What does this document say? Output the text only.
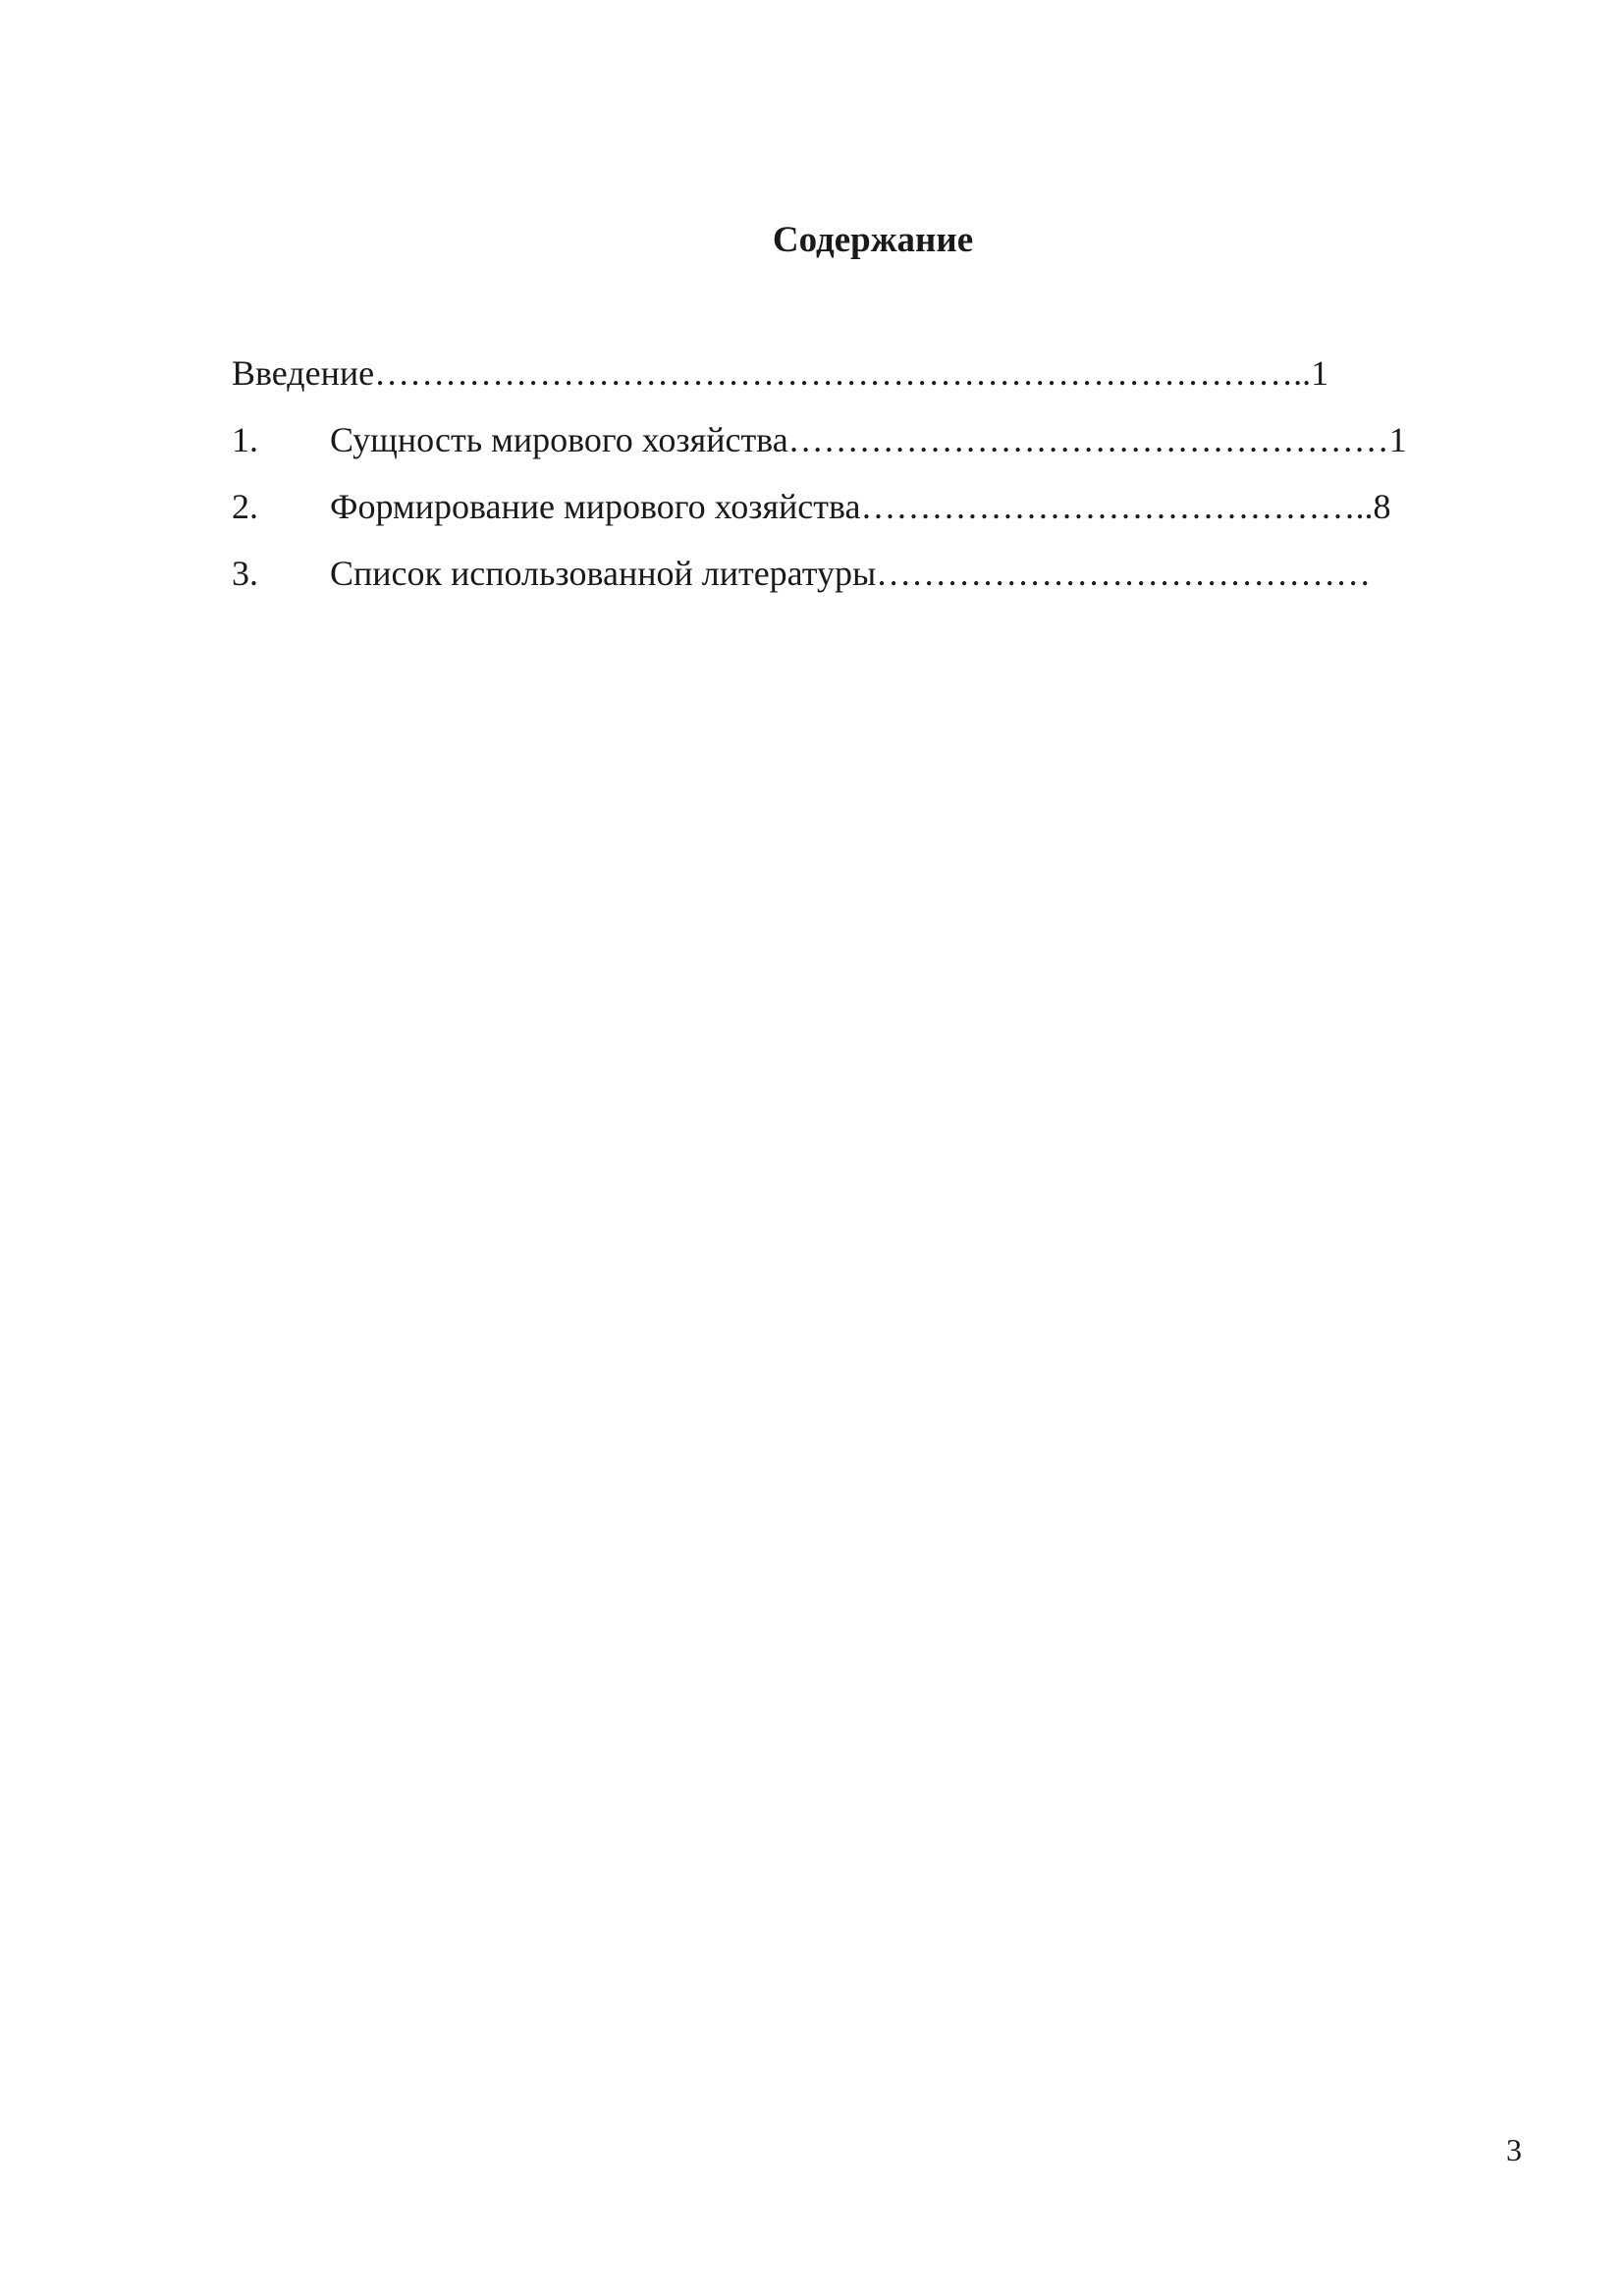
Содержание

Введение……………………………………………………………………..1

1. Сущность мирового хозяйства……………………………………………1

2. Формирование мирового хозяйства……………………………………..8

3. Список использованной литературы……………………………………

3
